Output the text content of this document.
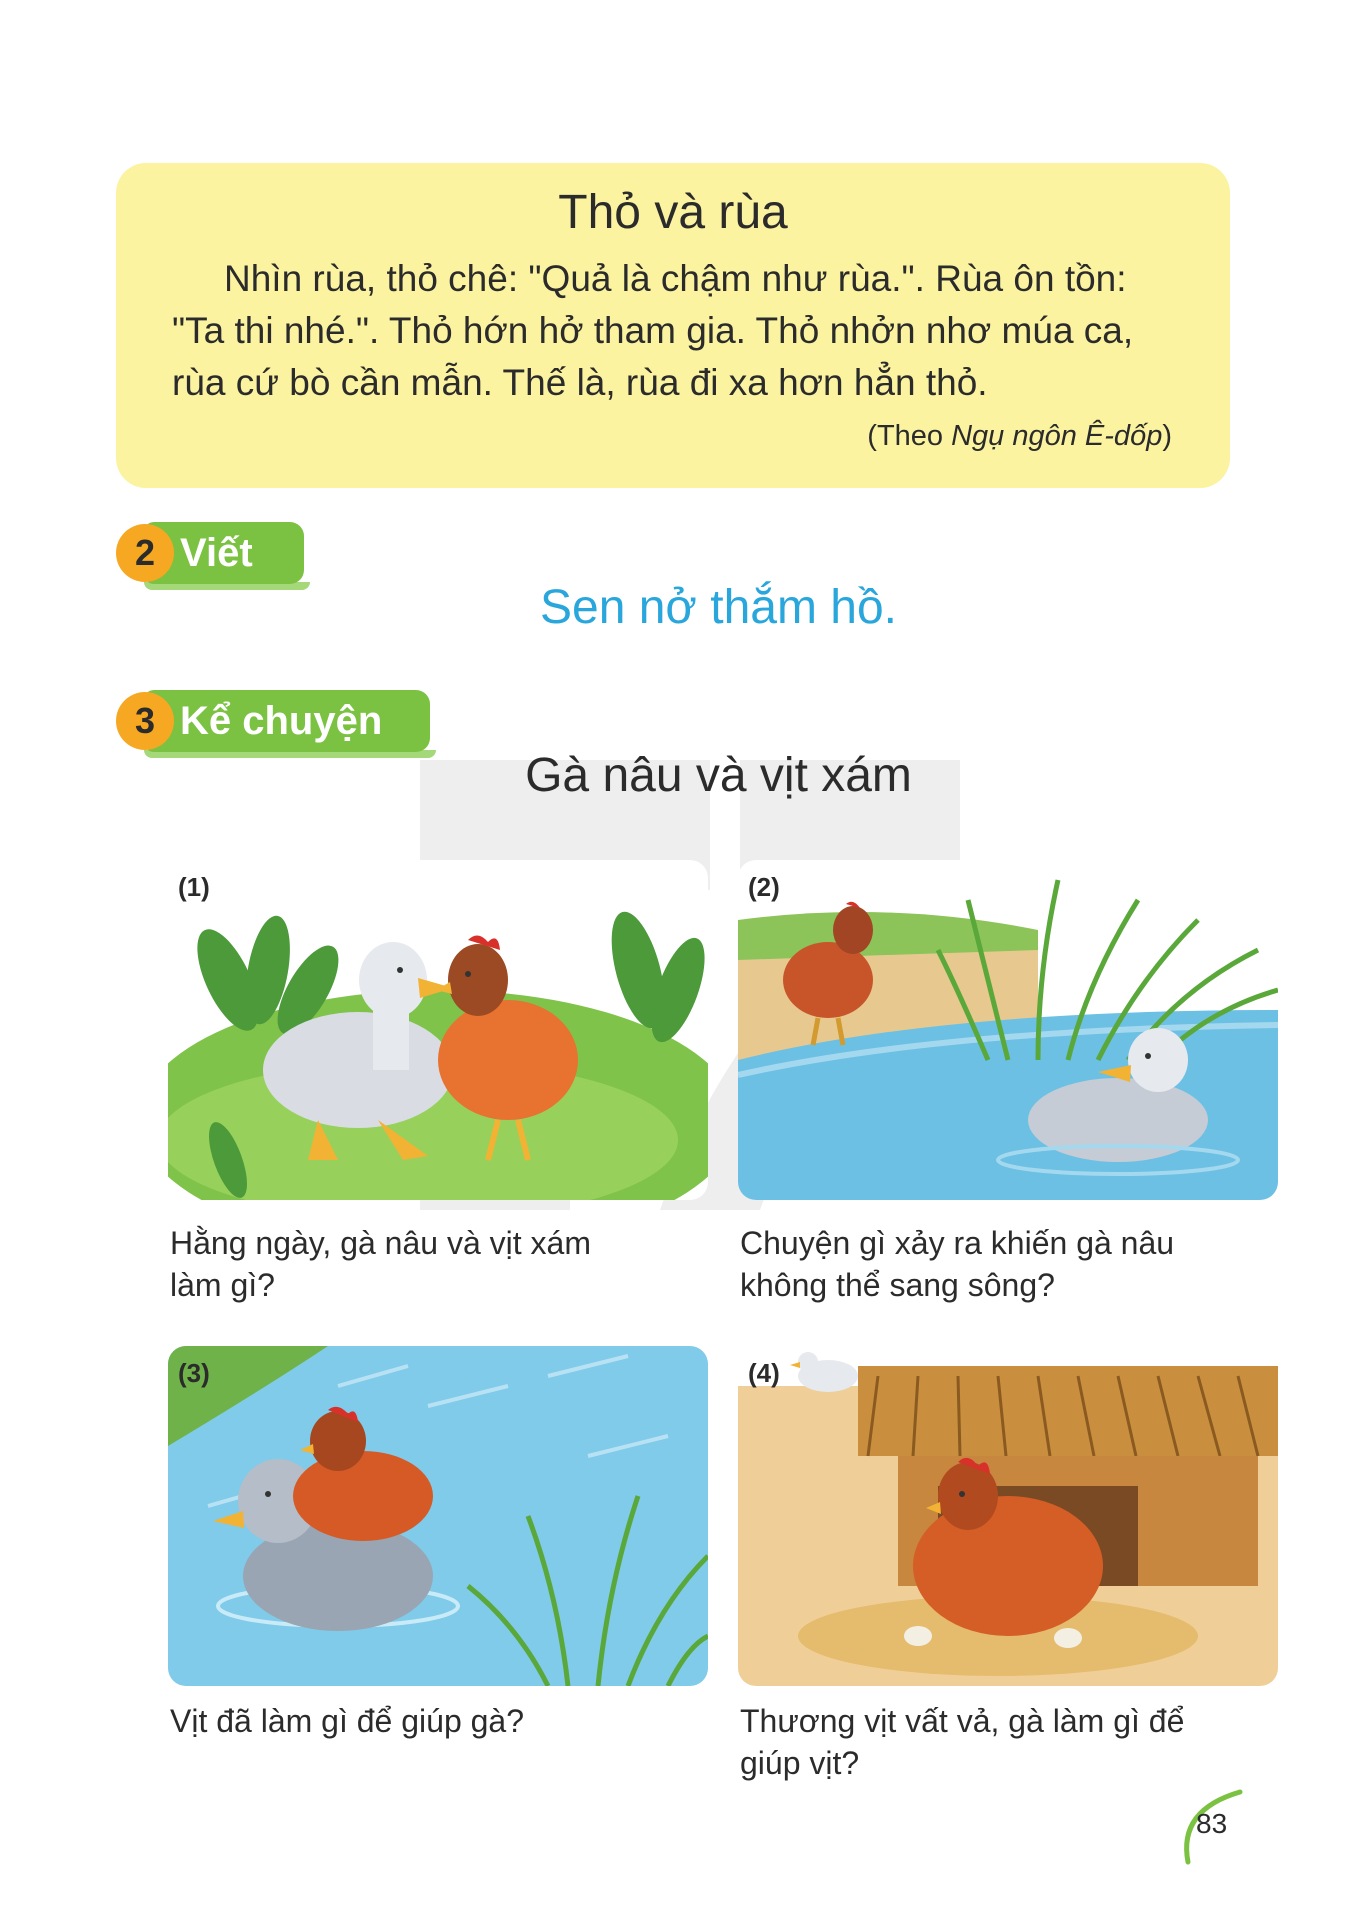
Thỏ và rùa
Nhìn rùa, thỏ chê: "Quả là chậm như rùa.". Rùa ôn tồn:
"Ta thi nhé.". Thỏ hớn hở tham gia. Thỏ nhởn nhơ múa ca,
rùa cứ bò cần mẫn. Thế là, rùa đi xa hơn hẳn thỏ.
(Theo Ngụ ngôn Ê-dốp)
2 Viết
Sen nở thắm hồ.
3 Kể chuyện
Gà nâu và vịt xám
(1)
Hằng ngày, gà nâu và vịt xám
làm gì?
(2)
Chuyện gì xảy ra khiến gà nâu
không thể sang sông?
(3)
Vịt đã làm gì để giúp gà?
(4)
Thương vịt vất vả, gà làm gì để
giúp vịt?
83
